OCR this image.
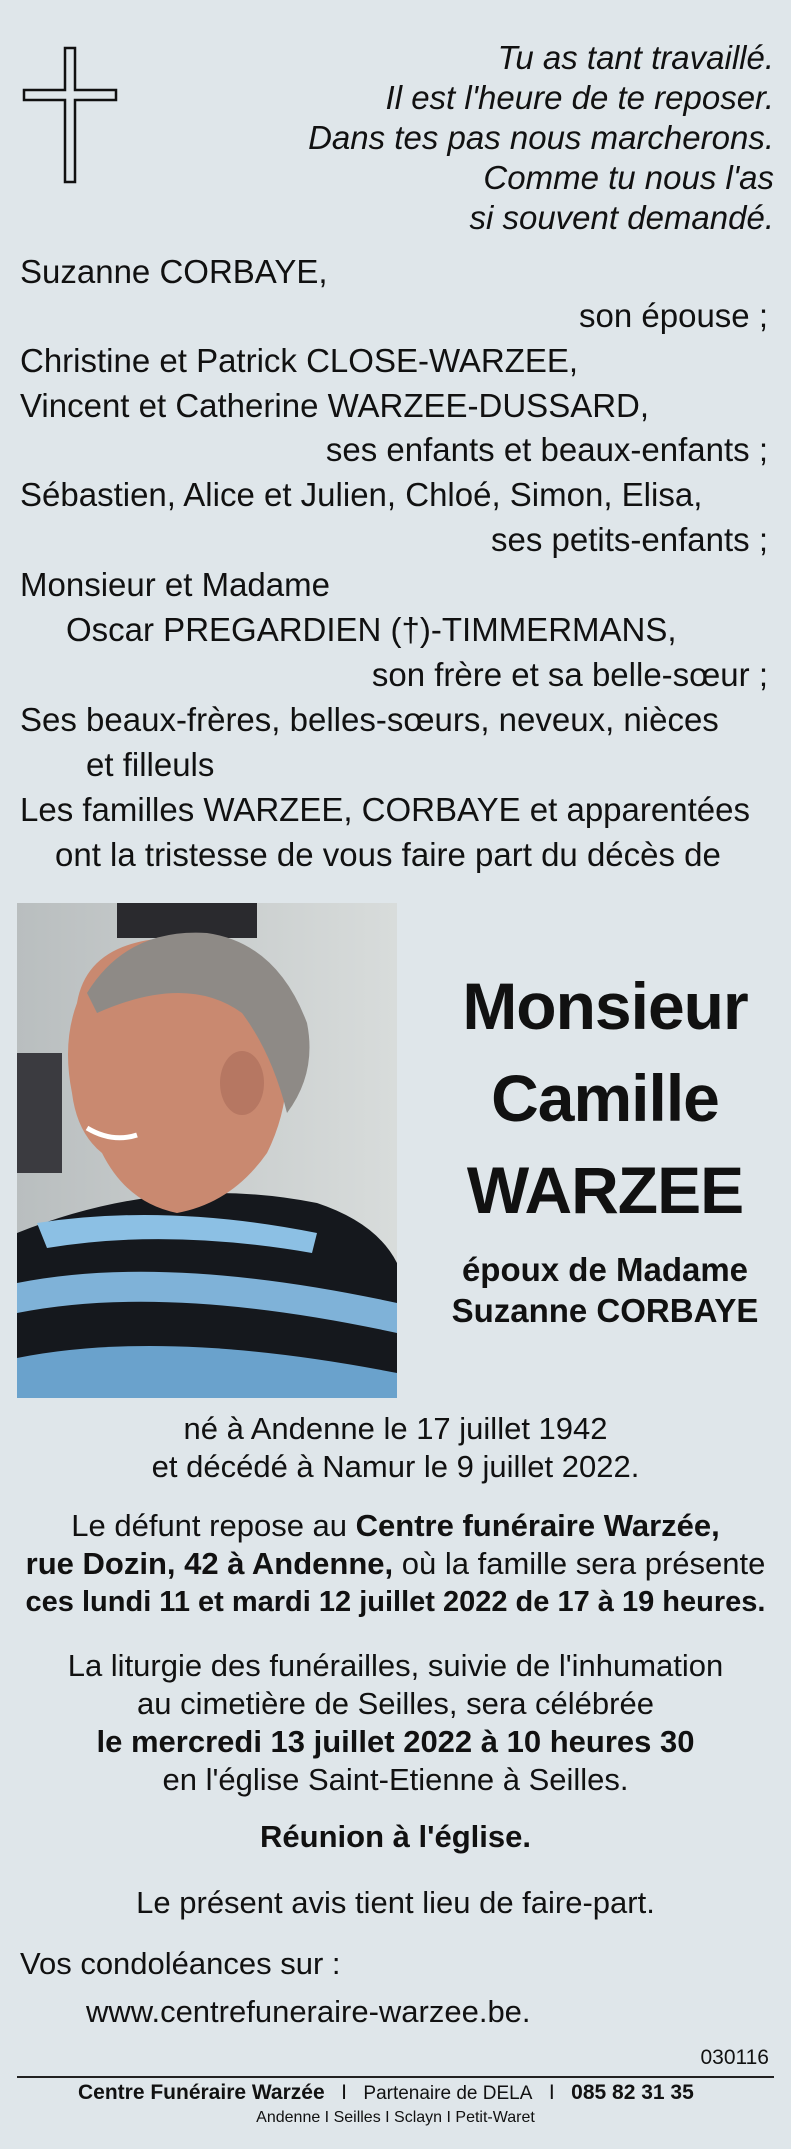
Tu as tant travaillé.
Il est l'heure de te reposer.
Dans tes pas nous marcherons.
Comme tu nous l'as
si souvent demandé.
Suzanne CORBAYE,
son épouse ;
Christine et Patrick CLOSE-WARZEE,
Vincent et Catherine WARZEE-DUSSARD,
ses enfants et beaux-enfants ;
Sébastien, Alice et Julien, Chloé, Simon, Elisa,
ses petits-enfants ;
Monsieur et Madame
Oscar PREGARDIEN (†)-TIMMERMANS,
son frère et sa belle-sœur ;
Ses beaux-frères, belles-sœurs, neveux, nièces
et filleuls
Les familles WARZEE, CORBAYE et apparentées
ont la tristesse de vous faire part du décès de
Monsieur
Camille
WARZEE
époux de Madame
Suzanne CORBAYE
né à Andenne le 17 juillet 1942
et décédé à Namur le 9 juillet 2022.
Le défunt repose au Centre funéraire Warzée,
rue Dozin, 42 à Andenne, où la famille sera présente
ces lundi 11 et mardi 12 juillet 2022 de 17 à 19 heures.
La liturgie des funérailles, suivie de l'inhumation
au cimetière de Seilles, sera célébrée
le mercredi 13 juillet 2022 à 10 heures 30
en l'église Saint-Etienne à Seilles.
Réunion à l'église.
Le présent avis tient lieu de faire-part.
Vos condoléances sur :
www.centrefuneraire-warzee.be.
030116
Centre Funéraire Warzée I Partenaire de DELA I 085 82 31 35
Andenne I Seilles I Sclayn I Petit-Waret
